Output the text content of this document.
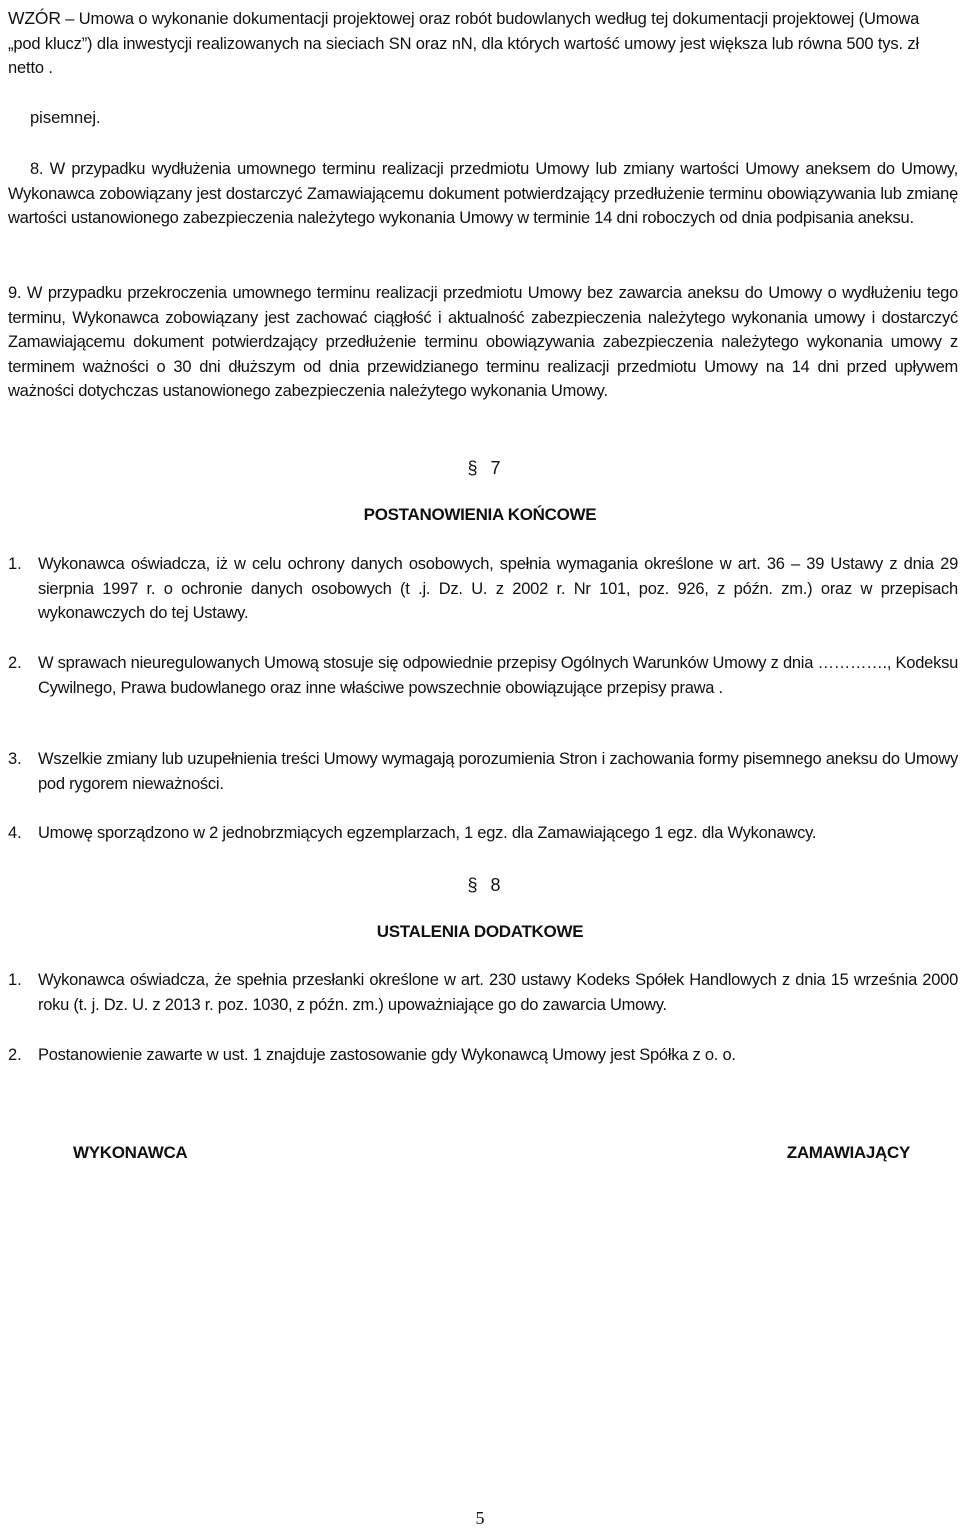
WZÓR – Umowa o wykonanie dokumentacji projektowej oraz robót budowlanych według tej dokumentacji projektowej (Umowa „pod klucz”) dla inwestycji realizowanych na sieciach SN oraz nN, dla których wartość umowy jest większa lub równa 500 tys. zł netto .
pisemnej.
8. W przypadku wydłużenia umownego terminu realizacji przedmiotu Umowy lub zmiany wartości Umowy aneksem do Umowy, Wykonawca zobowiązany jest dostarczyć Zamawiającemu dokument potwierdzający przedłużenie terminu obowiązywania lub zmianę wartości ustanowionego zabezpieczenia należytego wykonania Umowy w terminie 14 dni roboczych od dnia podpisania aneksu.
9. W przypadku przekroczenia umownego terminu realizacji przedmiotu Umowy bez zawarcia aneksu do Umowy o wydłużeniu tego terminu, Wykonawca zobowiązany jest zachować ciągłość i aktualność zabezpieczenia należytego wykonania umowy i dostarczyć Zamawiającemu dokument potwierdzający przedłużenie terminu obowiązywania zabezpieczenia należytego wykonania umowy z terminem ważności o 30 dni dłuższym od dnia przewidzianego terminu realizacji przedmiotu Umowy na 14 dni przed upływem ważności dotychczas ustanowionego zabezpieczenia należytego wykonania Umowy.
§ 7
POSTANOWIENIA KOŃCOWE
1. Wykonawca oświadcza, iż w celu ochrony danych osobowych, spełnia wymagania określone w art. 36 – 39 Ustawy z dnia 29 sierpnia 1997 r. o ochronie danych osobowych (t .j. Dz. U. z 2002 r. Nr 101, poz. 926, z późn. zm.) oraz w przepisach wykonawczych do tej Ustawy.
2. W sprawach nieuregulowanych Umową stosuje się odpowiednie przepisy Ogólnych Warunków Umowy z dnia …………., Kodeksu Cywilnego, Prawa budowlanego oraz inne właściwe powszechnie obowiązujące przepisy prawa .
3. Wszelkie zmiany lub uzupełnienia treści Umowy wymagają porozumienia Stron i zachowania formy pisemnego aneksu do Umowy pod rygorem nieważności.
4. Umowę sporządzono w 2 jednobrzmiących egzemplarzach, 1 egz. dla Zamawiającego 1 egz. dla Wykonawcy.
§ 8
USTALENIA DODATKOWE
1. Wykonawca oświadcza, że spełnia przesłanki określone w art. 230 ustawy Kodeks Spółek Handlowych z dnia 15 września 2000 roku (t. j. Dz. U. z 2013 r. poz. 1030, z późn. zm.) upoważniające go do zawarcia Umowy.
2. Postanowienie zawarte w ust. 1 znajduje zastosowanie gdy Wykonawcą Umowy jest Spółka z o. o.
WYKONAWCA	ZAMAWIAJĄCY
5
